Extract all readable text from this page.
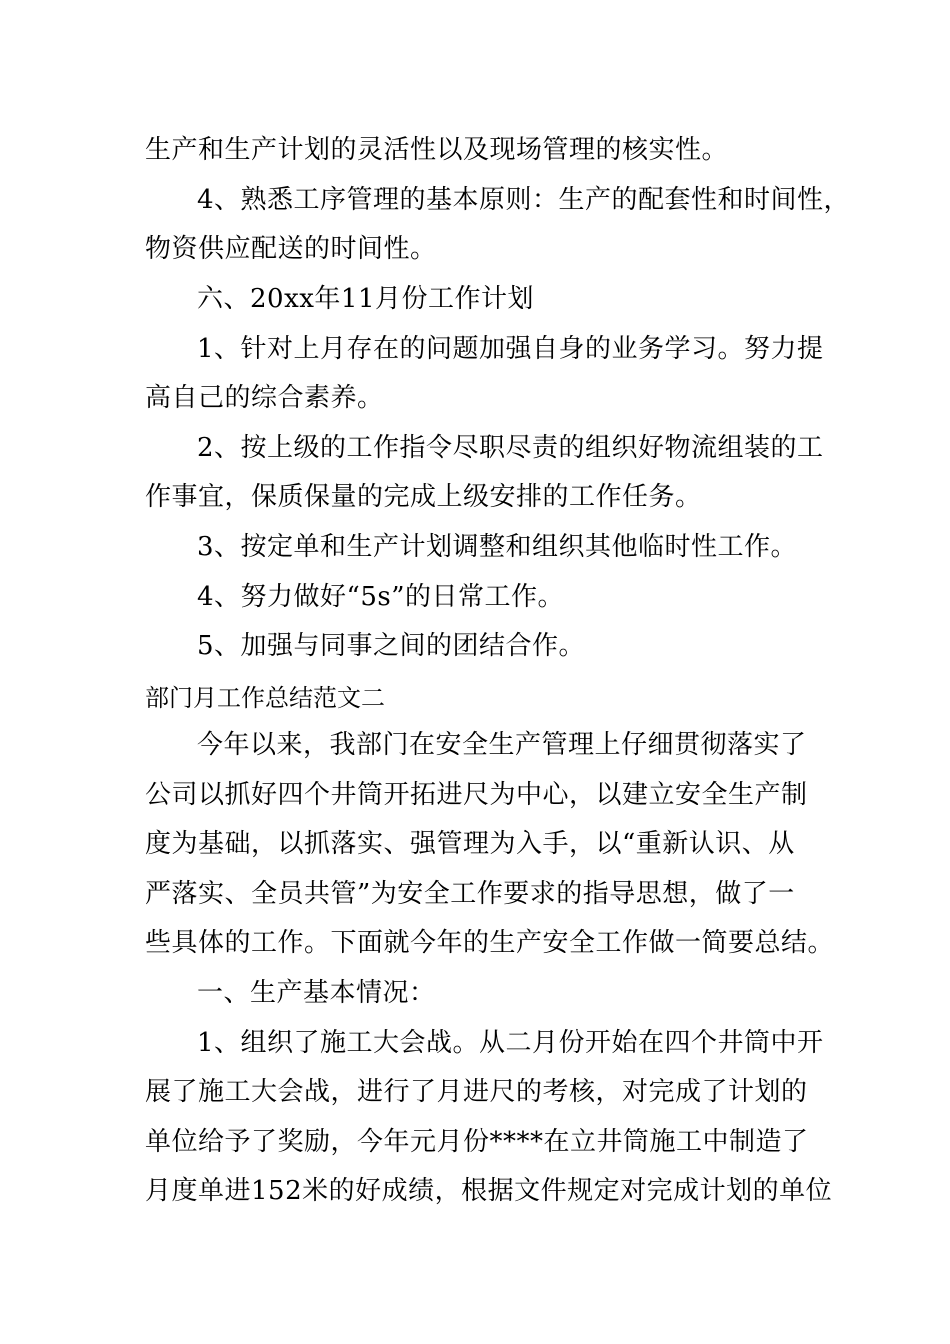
生产和生产计划的灵活性以及现场管理的核实性。
4、熟悉工序管理的基本原则：生产的配套性和时间性，
物资供应配送的时间性。
六、20xx年11月份工作计划
1、针对上月存在的问题加强自身的业务学习。努力提
高自己的综合素养。
2、按上级的工作指令尽职尽责的组织好物流组装的工
作事宜，保质保量的完成上级安排的工作任务。
3、按定单和生产计划调整和组织其他临时性工作。
4、努力做好“5s”的日常工作。
5、加强与同事之间的团结合作。
部门月工作总结范文二
今年以来，我部门在安全生产管理上仔细贯彻落实了
公司以抓好四个井筒开拓进尺为中心，以建立安全生产制
度为基础，以抓落实、强管理为入手，以“重新认识、从
严落实、全员共管”为安全工作要求的指导思想，做了一
些具体的工作。下面就今年的生产安全工作做一简要总结。
一、生产基本情况：
1、组织了施工大会战。从二月份开始在四个井筒中开
展了施工大会战，进行了月进尺的考核，对完成了计划的
单位给予了奖励，今年元月份****在立井筒施工中制造了
月度单进152米的好成绩，根据文件规定对完成计划的单位
